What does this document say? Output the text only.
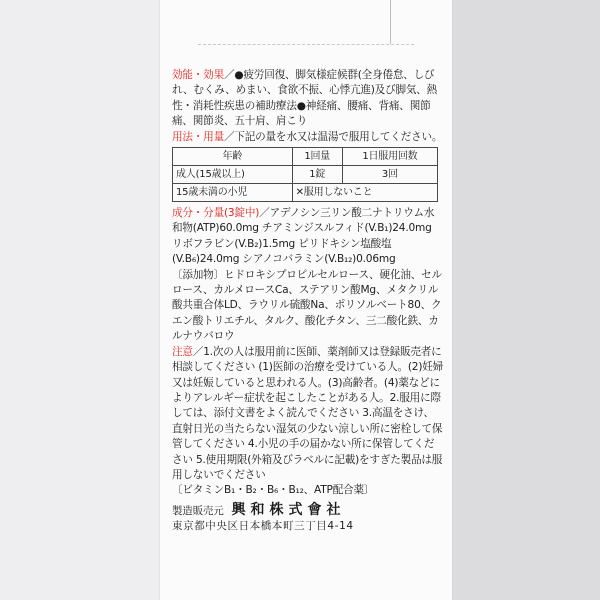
効能・効果／●疲労回復、脚気様症候群(全身倦怠、しびれ、むくみ、めまい、食欲不振、心悸亢進)及び脚気、熱性・消耗性疾患の補助療法●神経痛、腰痛、背痛、関節痛、関節炎、五十肩、肩こり

用法・用量／下記の量を水又は温湯で服用してください。

年齢	1回量	1日服用回数
成人(15歳以上)	1錠	3回
15歳未満の小児	✕服用しないこと	

成分・分量(3錠中)／アデノシン三リン酸二ナトリウム水和物(ATP)60.0mg チアミンジスルフィド(V.B₁)24.0mg リボフラビン(V.B₂)1.5mg ピリドキシン塩酸塩(V.B₆)24.0mg シアノコバラミン(V.B₁₂)0.06mg

〔添加物〕ヒドロキシプロピルセルロース、硬化油、セルロース、カルメロースCa、ステアリン酸Mg、メタクリル酸共重合体LD、ラウリル硫酸Na、ポリソルベート80、クエン酸トリエチル、タルク、酸化チタン、三二酸化鉄、カルナウバロウ

注意／1.次の人は服用前に医師、薬剤師又は登録販売者に相談してください (1)医師の治療を受けている人。(2)妊婦又は妊娠していると思われる人。(3)高齢者。(4)薬などによりアレルギー症状を起こしたことがある人。2.服用に際しては、添付文書をよく読んでください 3.高温をさけ、直射日光の当たらない湿気の少ない涼しい所に密栓して保管してください 4.小児の手の届かない所に保管してください 5.使用期限(外箱及びラベルに記載)をすぎた製品は服用しないでください

〔ビタミンB₁・B₂・B₆・B₁₂、ATP配合薬〕

製造販売元 興和株式會社

東京都中央区日本橋本町三丁目4-14
